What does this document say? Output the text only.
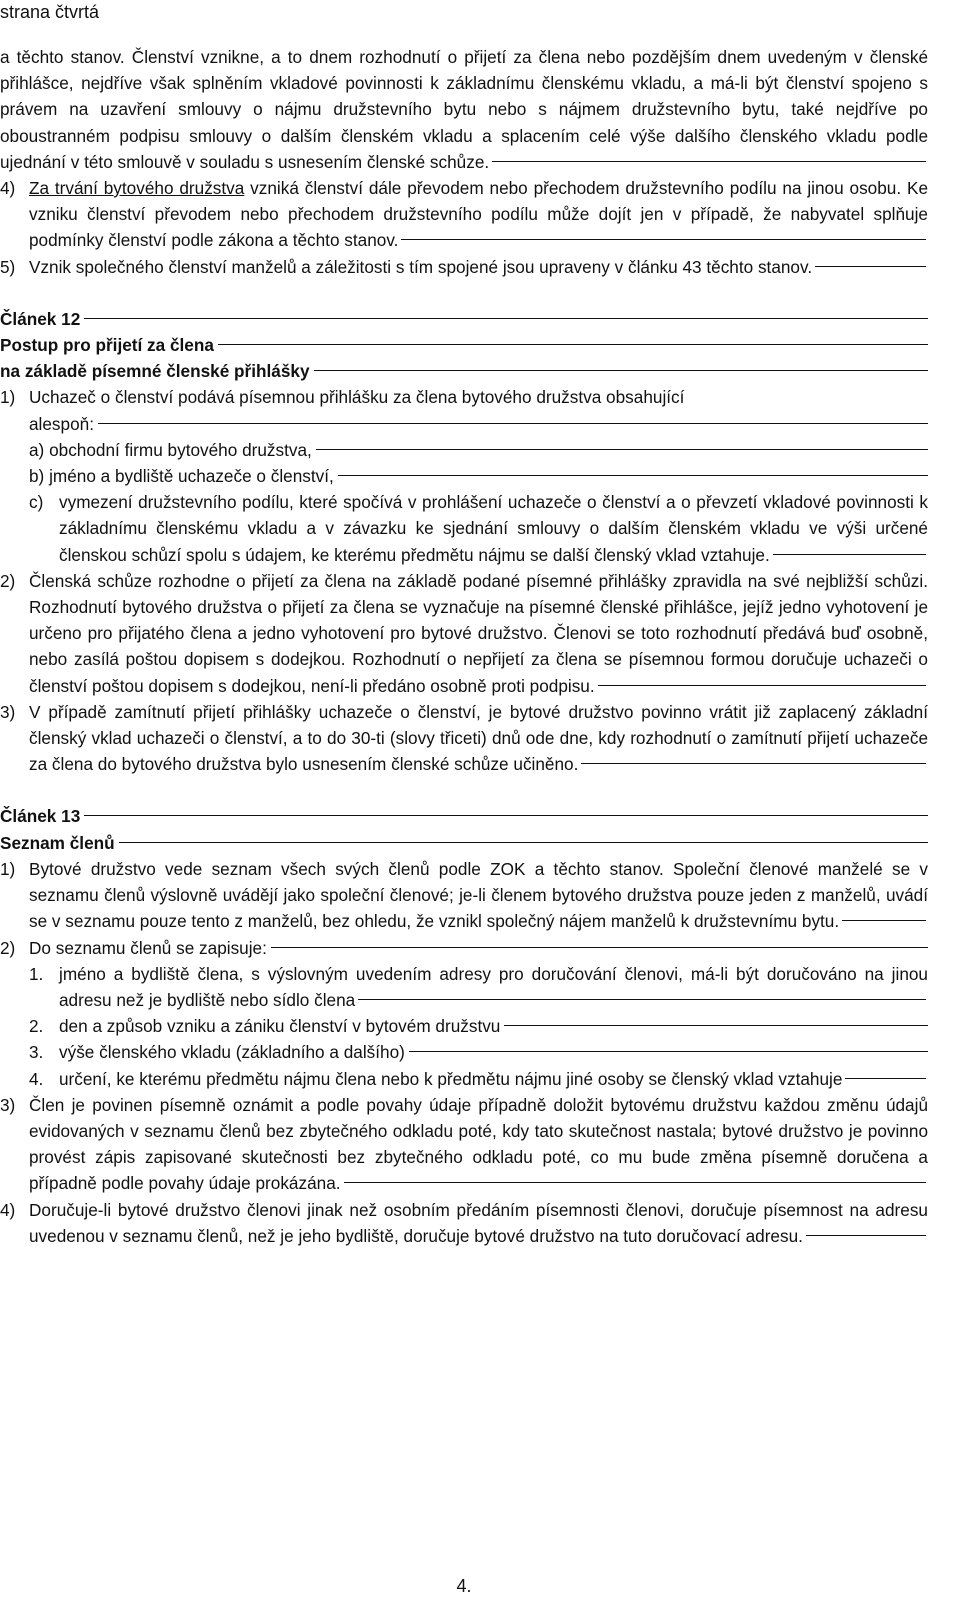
strana čtvrtá

a těchto stanov. Členství vznikne, a to dnem rozhodnutí o přijetí za člena nebo pozdějším dnem uvedeným v členské přihlášce, nejdříve však splněním vkladové povinnosti k základnímu členskému vkladu, a má-li být členství spojeno s právem na uzavření smlouvy o nájmu družstevního bytu nebo s nájmem družstevního bytu, také nejdříve po oboustranném podpisu smlouvy o dalším členském vkladu a splacením celé výše dalšího členského vkladu podle ujednání v této smlouvě v souladu s usnesením členské schůze.

4) Za trvání bytového družstva vzniká členství dále převodem nebo přechodem družstevního podílu na jinou osobu. Ke vzniku členství převodem nebo přechodem družstevního podílu může dojít jen v případě, že nabyvatel splňuje podmínky členství podle zákona a těchto stanov.

5) Vznik společného členství manželů a záležitosti s tím spojené jsou upraveny v článku 43 těchto stanov.

Článek 12
Postup pro přijetí za člena
na základě písemné členské přihlášky

1) Uchazeč o členství podává písemnou přihlášku za člena bytového družstva obsahující

alespoň:
a) obchodní firmu bytového družstva,
b) jméno a bydliště uchazeče o členství,

c) vymezení družstevního podílu, které spočívá v prohlášení uchazeče o členství a o převzetí vkladové povinnosti k základnímu členskému vkladu a v závazku ke sjednání smlouvy o dalším členském vkladu ve výši určené členskou schůzí spolu s údajem, ke kterému předmětu nájmu se další členský vklad vztahuje.

2) Členská schůze rozhodne o přijetí za člena na základě podané písemné přihlášky zpravidla na své nejbližší schůzi. Rozhodnutí bytového družstva o přijetí za člena se vyznačuje na písemné členské přihlášce, jejíž jedno vyhotovení je určeno pro přijatého člena a jedno vyhotovení pro bytové družstvo. Členovi se toto rozhodnutí předává buď osobně, nebo zasílá poštou dopisem s dodejkou. Rozhodnutí o nepřijetí za člena se písemnou formou doručuje uchazeči o členství poštou dopisem s dodejkou, není-li předáno osobně proti podpisu.

3) V případě zamítnutí přijetí přihlášky uchazeče o členství, je bytové družstvo povinno vrátit již zaplacený základní členský vklad uchazeči o členství, a to do 30-ti (slovy třiceti) dnů ode dne, kdy rozhodnutí o zamítnutí přijetí uchazeče za člena do bytového družstva bylo usnesením členské schůze učiněno.

Článek 13
Seznam členů

1) Bytové družstvo vede seznam všech svých členů podle ZOK a těchto stanov. Společní členové manželé se v seznamu členů výslovně uvádějí jako společní členové; je-li členem bytového družstva pouze jeden z manželů, uvádí se v seznamu pouze tento z manželů, bez ohledu, že vznikl společný nájem manželů k družstevnímu bytu.

2) Do seznamu členů se zapisuje:

1. jméno a bydliště člena, s výslovným uvedením adresy pro doručování členovi, má-li být doručováno na jinou adresu než je bydliště nebo sídlo člena

2. den a způsob vzniku a zániku členství v bytovém družstvu
3. výše členského vkladu (základního a dalšího)

4. určení, ke kterému předmětu nájmu člena nebo k předmětu nájmu jiné osoby se členský vklad vztahuje

3) Člen je povinen písemně oznámit a podle povahy údaje případně doložit bytovému družstvu každou změnu údajů evidovaných v seznamu členů bez zbytečného odkladu poté, kdy tato skutečnost nastala; bytové družstvo je povinno provést zápis zapisované skutečnosti bez zbytečného odkladu poté, co mu bude změna písemně doručena a případně podle povahy údaje prokázána.

4) Doručuje-li bytové družstvo členovi jinak než osobním předáním písemnosti členovi, doručuje písemnost na adresu uvedenou v seznamu členů, než je jeho bydliště, doručuje bytové družstvo na tuto doručovací adresu.

4.
